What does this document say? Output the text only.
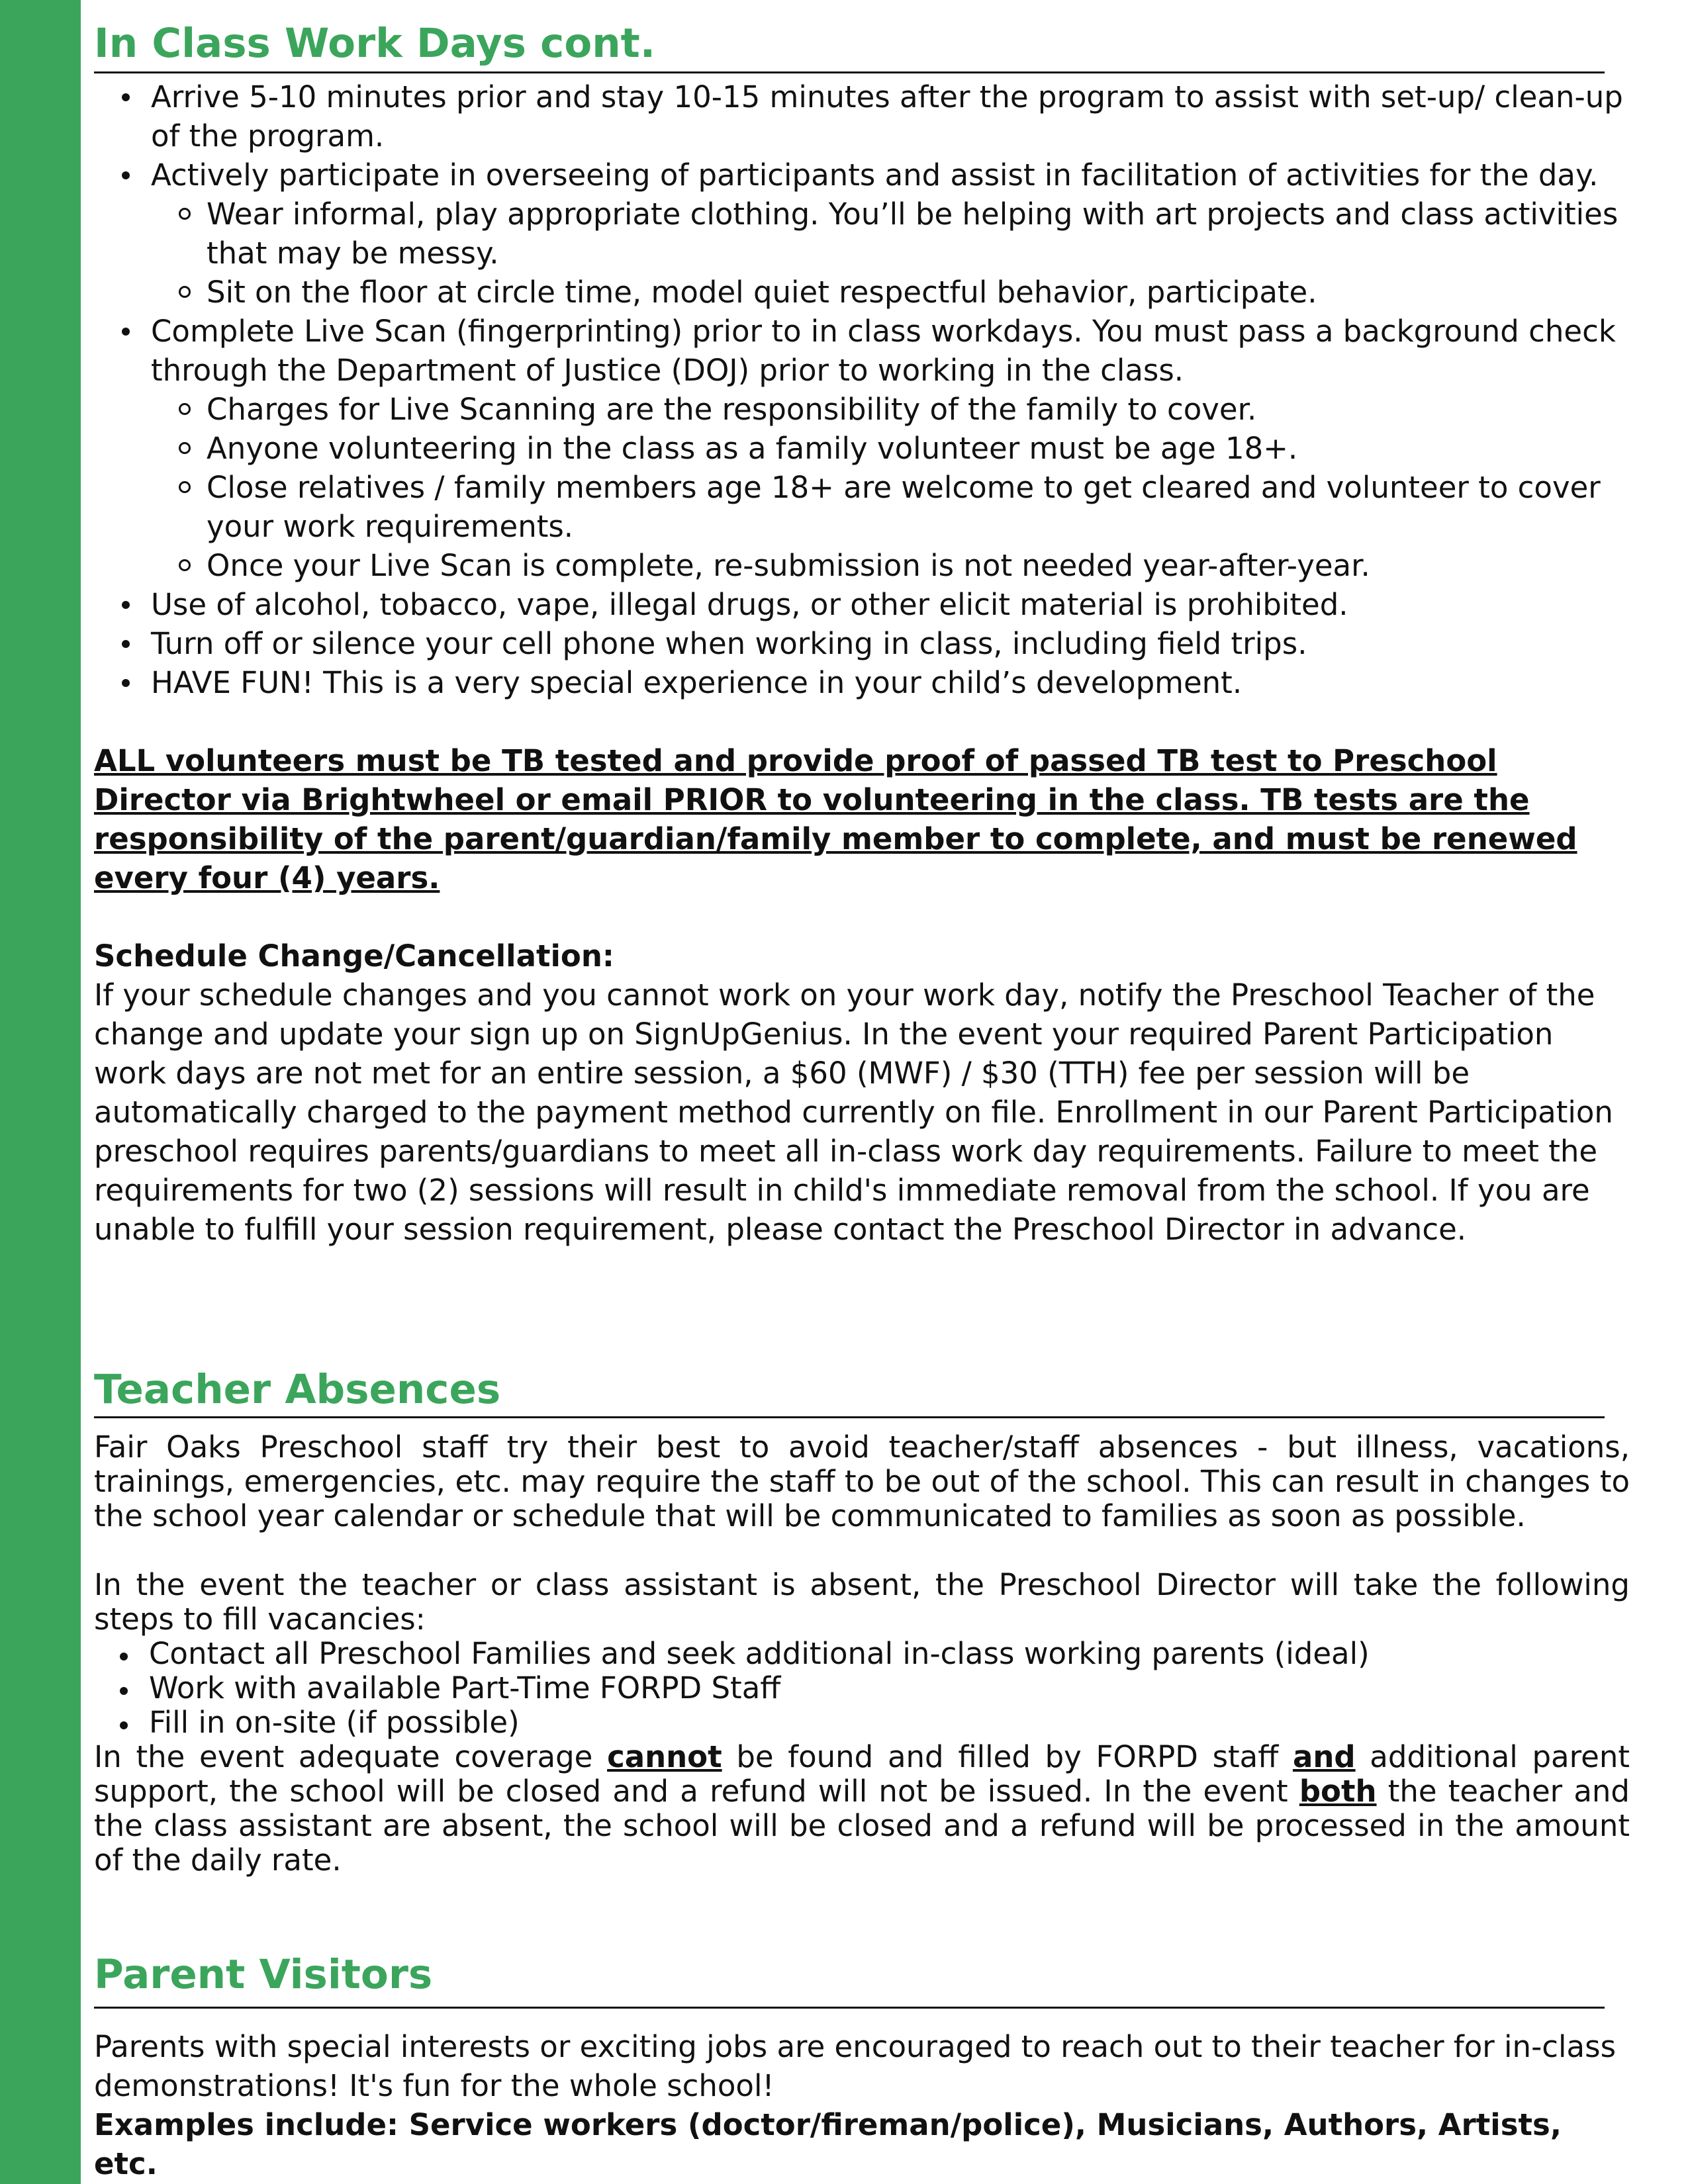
In Class Work Days cont.
Arrive 5-10 minutes prior and stay 10-15 minutes after the program to assist with set-up/ clean-up of the program.
Actively participate in overseeing of participants and assist in facilitation of activities for the day.
Wear informal, play appropriate clothing. You’ll be helping with art projects and class activities that may be messy.
Sit on the floor at circle time, model quiet respectful behavior, participate.
Complete Live Scan (fingerprinting) prior to in class workdays. You must pass a background check through the Department of Justice (DOJ) prior to working in the class.
Charges for Live Scanning are the responsibility of the family to cover.
Anyone volunteering in the class as a family volunteer must be age 18+.
Close relatives / family members age 18+ are welcome to get cleared and volunteer to cover your work requirements.
Once your Live Scan is complete, re-submission is not needed year-after-year.
Use of alcohol, tobacco, vape, illegal drugs, or other elicit material is prohibited.
Turn off or silence your cell phone when working in class, including field trips.
HAVE FUN! This is a very special experience in your child’s development.

ALL volunteers must be TB tested and provide proof of passed TB test to Preschool Director via Brightwheel or email PRIOR to volunteering in the class. TB tests are the responsibility of the parent/guardian/family member to complete, and must be renewed every four (4) years.

Schedule Change/Cancellation:

If your schedule changes and you cannot work on your work day, notify the Preschool Teacher of the change and update your sign up on SignUpGenius. In the event your required Parent Participation work days are not met for an entire session, a $60 (MWF) / $30 (TTH) fee per session will be automatically charged to the payment method currently on file. Enrollment in our Parent Participation preschool requires parents/guardians to meet all in-class work day requirements. Failure to meet the requirements for two (2) sessions will result in child's immediate removal from the school. If you are unable to fulfill your session requirement, please contact the Preschool Director in advance.

Teacher Absences

Fair Oaks Preschool staff try their best to avoid teacher/staff absences - but illness, vacations, trainings, emergencies, etc. may require the staff to be out of the school. This can result in changes to the school year calendar or schedule that will be communicated to families as soon as possible.

In the event the teacher or class assistant is absent, the Preschool Director will take the following steps to fill vacancies:

Contact all Preschool Families and seek additional in-class working parents (ideal)
Work with available Part-Time FORPD Staff
Fill in on-site (if possible)

In the event adequate coverage cannot be found and filled by FORPD staff and additional parent support, the school will be closed and a refund will not be issued. In the event both the teacher and the class assistant are absent, the school will be closed and a refund will be processed in the amount of the daily rate.

Parent Visitors

Parents with special interests or exciting jobs are encouraged to reach out to their teacher for in-class demonstrations! It's fun for the whole school!

Examples include: Service workers (doctor/fireman/police), Musicians, Authors, Artists, etc.
